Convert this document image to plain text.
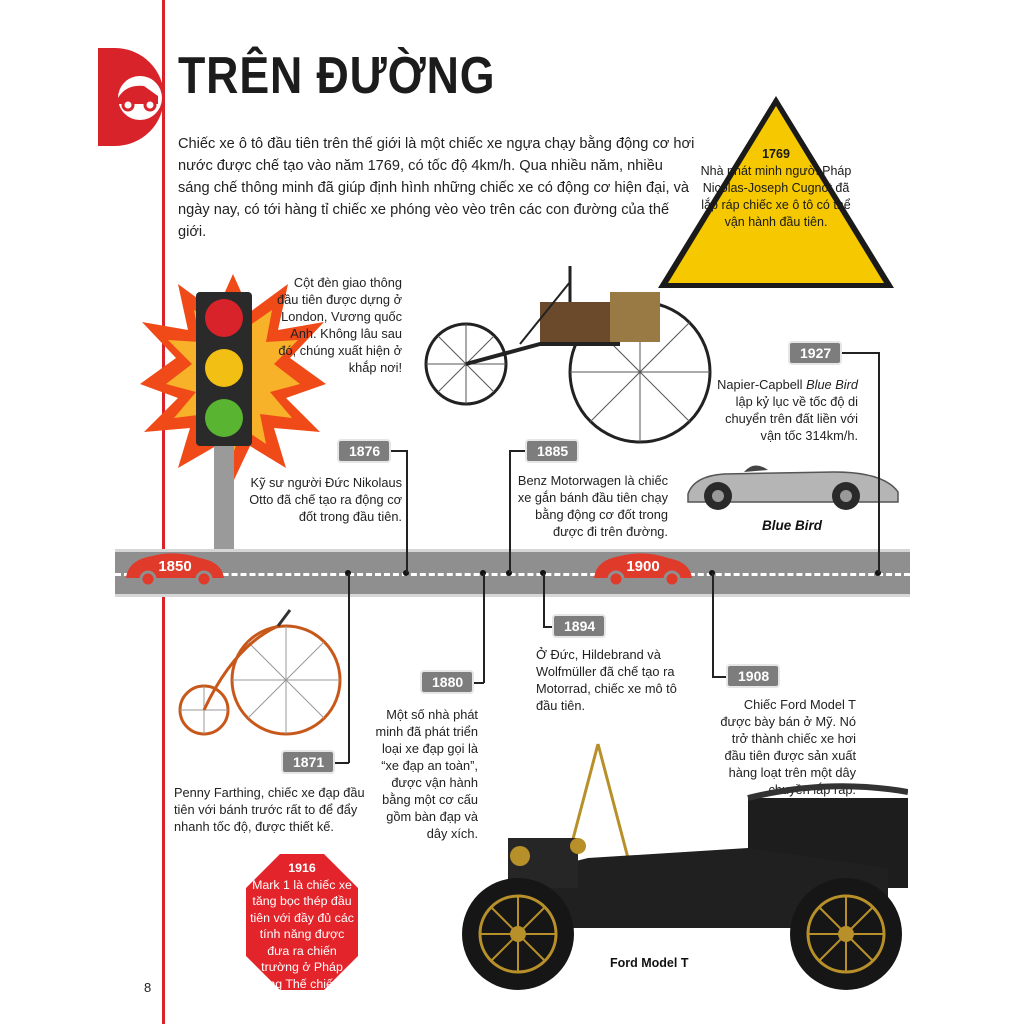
TRÊN ĐƯỜNG

Chiếc xe ô tô đầu tiên trên thế giới là một chiếc xe ngựa chạy bằng động cơ hơi nước được chế tạo vào năm 1769, có tốc độ 4km/h. Qua nhiều năm, nhiều sáng chế thông minh đã giúp định hình những chiếc xe có động cơ hiện đại, và ngày nay, có tới hàng tỉ chiếc xe phóng vèo vèo trên các con đường của thế giới.

1769
Nhà phát minh người Pháp Nicolas-Joseph Cugnot đã lắp ráp chiếc xe ô tô có thể vận hành đầu tiên.
Cột đèn giao thông đầu tiên được dựng ở London, Vương quốc Anh. Không lâu sau đó, chúng xuất hiện ở khắp nơi!
Blue Bird
1850	1900
1876
Kỹ sư người Đức Nikolaus Otto đã chế tạo ra động cơ đốt trong đầu tiên.
1885
Benz Motorwagen là chiếc xe gắn bánh đầu tiên chạy bằng động cơ đốt trong được đi trên đường.
1927
Napier-Capbell Blue Bird lập kỷ lục về tốc độ di chuyển trên đất liền với vận tốc 314km/h.
1871
Penny Farthing, chiếc xe đạp đầu tiên với bánh trước rất to để đẩy nhanh tốc độ, được thiết kế.
1880
Một số nhà phát minh đã phát triển loại xe đạp gọi là “xe đạp an toàn”, được vận hành bằng một cơ cấu gồm bàn đạp và dây xích.
1894
Ở Đức, Hildebrand và Wolfmüller đã chế tạo ra Motorrad, chiếc xe mô tô đầu tiên.
1908
Chiếc Ford Model T được bày bán ở Mỹ. Nó trở thành chiếc xe hơi đầu tiên được sản xuất hàng loạt trên một dây chuyền lắp ráp.
Ford Model T
1916
Mark 1 là chiếc xe tăng bọc thép đầu tiên với đầy đủ các tính năng được đưa ra chiến trường ở Pháp trong Thế chiến I.
8
